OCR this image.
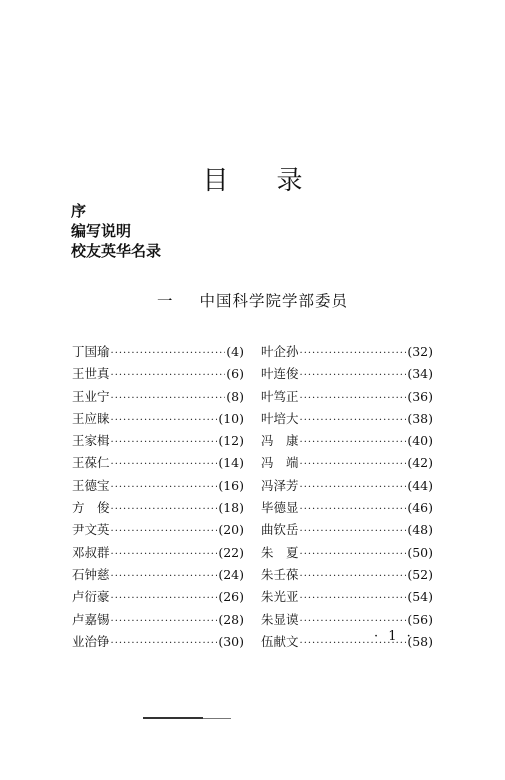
目录
序
编写说明
校友英华名录
一 中国科学院学部委员
丁国瑜 ·····	(4)
王世真 ·····	(6)
王业宁 ·····	(8)
王应睐 ·····	(10)
王家楫 ·····	(12)
王葆仁 ·····	(14)
王德宝 ·····	(16)
方　俊 ·····	(18)
尹文英 ·····	(20)
邓叔群 ·····	(22)
石钟慈 ·····	(24)
卢衍豪 ·····	(26)
卢嘉锡 ·····	(28)
业治铮 ·····	(30)
叶企孙 ·····	(32)
叶连俊 ·····	(34)
叶笃正 ·····	(36)
叶培大 ·····	(38)
冯　康 ·····	(40)
冯　端 ·····	(42)
冯泽芳 ·····	(44)
毕德显 ·····	(46)
曲钦岳 ·····	(48)
朱　夏 ·····	(50)
朱壬葆 ·····	(52)
朱光亚 ·····	(54)
朱显谟 ·····	(56)
伍献文 ·····	(58)
· 1 ·
